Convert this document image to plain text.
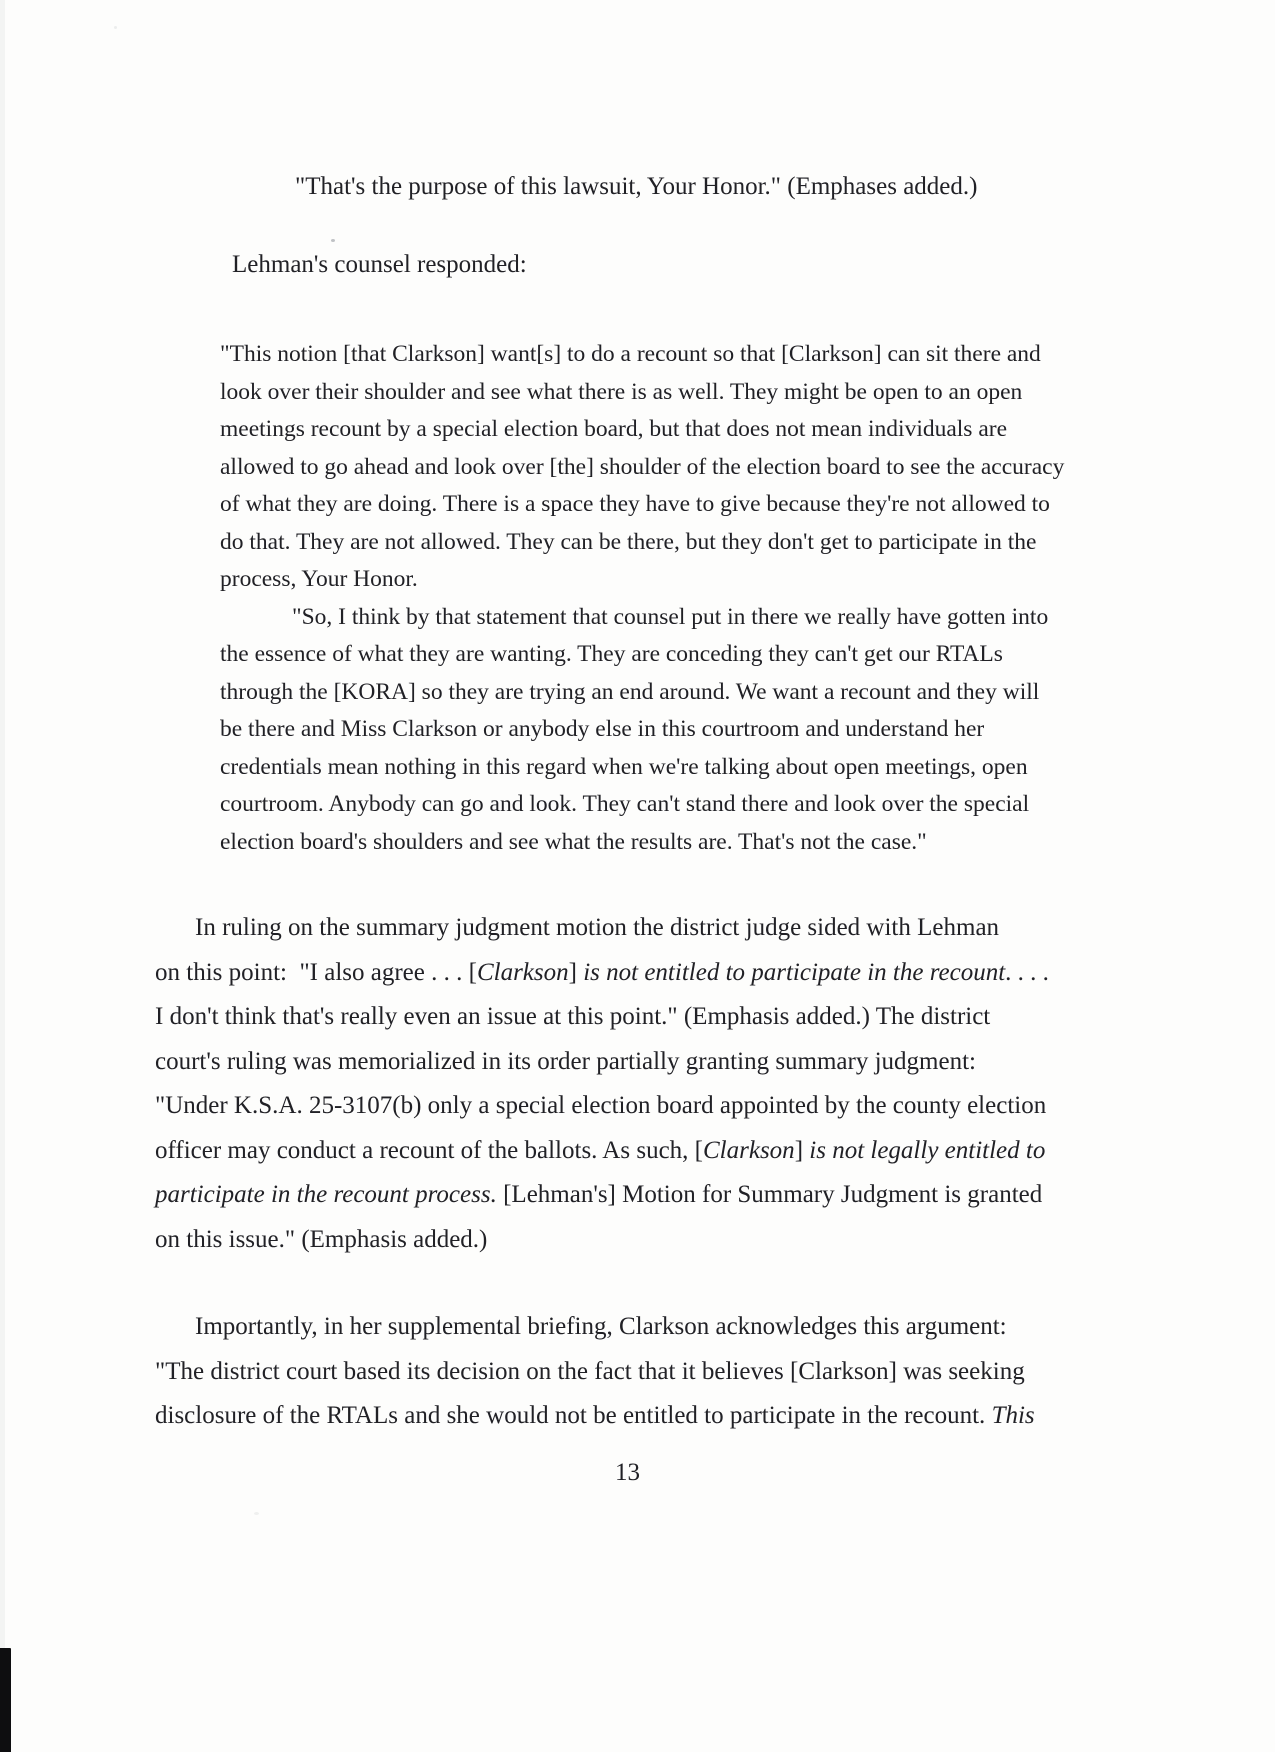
"That's the purpose of this lawsuit, Your Honor." (Emphases added.)
Lehman's counsel responded:
"This notion [that Clarkson] want[s] to do a recount so that [Clarkson] can sit there and
look over their shoulder and see what there is as well. They might be open to an open
meetings recount by a special election board, but that does not mean individuals are
allowed to go ahead and look over [the] shoulder of the election board to see the accuracy
of what they are doing. There is a space they have to give because they're not allowed to
do that. They are not allowed. They can be there, but they don't get to participate in the
process, Your Honor.
"So, I think by that statement that counsel put in there we really have gotten into
the essence of what they are wanting. They are conceding they can't get our RTALs
through the [KORA] so they are trying an end around. We want a recount and they will
be there and Miss Clarkson or anybody else in this courtroom and understand her
credentials mean nothing in this regard when we're talking about open meetings, open
courtroom. Anybody can go and look. They can't stand there and look over the special
election board's shoulders and see what the results are. That's not the case."
In ruling on the summary judgment motion the district judge sided with Lehman
on this point:  "I also agree . . . [Clarkson] is not entitled to participate in the recount. . . .
I don't think that's really even an issue at this point." (Emphasis added.) The district
court's ruling was memorialized in its order partially granting summary judgment:
"Under K.S.A. 25-3107(b) only a special election board appointed by the county election
officer may conduct a recount of the ballots. As such, [Clarkson] is not legally entitled to
participate in the recount process. [Lehman's] Motion for Summary Judgment is granted
on this issue." (Emphasis added.)
Importantly, in her supplemental briefing, Clarkson acknowledges this argument:
"The district court based its decision on the fact that it believes [Clarkson] was seeking
disclosure of the RTALs and she would not be entitled to participate in the recount. This
13
